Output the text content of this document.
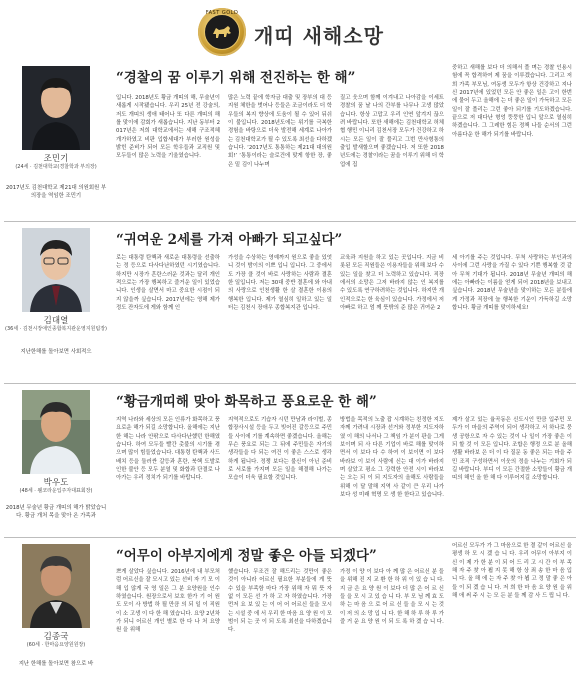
FAST GOLD
개띠 새해소망
조민기
(24세 · 김천대학교(경찰학과 부의장)
“경찰의 꿈 이루기 위해 전진하는 한 해”
2017년도 김천대학교 제21대 의원회원 부의장을 역임한 조민기
입니다. 2018년도 황금 개띠의 해, 무술년이 새롭게 시작됐습니다. 우리 25년 전 강술의, 저도 개띠의 생애 태어나 또 다른 개띠의 해를 맞이에 감회가 새롭습니다. 지난 동부터 2017년은 저희 대학교에서는 새해 구조적혜 개가하였고 비판 입합세대가 부러한 원성을 밝힌 준비가 되어 모든 학우들과 교직원 및 모두들이 많은 노력을 기울였습니다.
많은 노력 끝에 학자금 대출 및 장부의 대 등 지원 체한을 벗어나 등들은 조금이라도 더 학우들의 복지 향상에 도움이 될 수 있어 뒤쉬이 불입니다. 2018년도에는 위기를 극복한 경험을 바탕으로 더욱 발전해 세계로 나아가는 김천대학교가 될 수 있도록 최선을 다하겠습니다. ‘2017년도 통통하는 제21대 대의원회!’ ‘통통이라는 슬로건에 맞게 항한 장, 좋은 밑 김이 나누며
질고 웃으며 함께 이겨내고 나아감을 이세트 경찰의 꿈 날 나의 간부를 나무나 고생 많았습니다. 항상 고맙고 우리 인연 앞겨지 끊으 려 바랍니다. 또한 새해에는 김천대학교 허체협 행민 이니리 김천서장 모두가 건강하고 하시는 모든 일이 잘 풀리고 그번 만사형통의 출입 발새할으며 좋겠습니다. 저 또한 2018년도에는 경찰이라는 꿈을 이루기 위해 더 학업에 집
중하고 새해를 보다 더 의해서 풀 며는 경찰 인용시험에 꼭 합격하여 제 꿈을 이루겠습니다. 그리고 저희 가족 부모님, 여동생 모두가 항상 건강하고 지나신 2017년에 있었던 모든 안 좋은 일은 고이 한번에 물어 두고 올해에 는 더 좋은 일이 가득하고 모든 일이 잘 풀리는 그런 좋아 되기를 기도하겠습니다. 끝으로 저 대다난 형엉 뚱뚱한 입니 앞으로 열심히 하겠습니다. 그 그레한 힘든 정책 나들 순서의 그런 아름다운 한 해가 되기를 바랍니다.
김대열
(36세 · 김천시장애인종합복지관운영지원팀장)
“귀여운 2세를 가져 아빠가 되고싶다”
지난한해를 돌아보면 사회적으
로는 대통령 탄핵과 새로운 대통령을 선출하는 정 등으로 다사다난하였던 시기였습니다. 하지만 시장가 흔란스러운 것과는 달리 개인적으로는 가장 행복하고 즐거운 일이 있었습니다. 인생을 살면서 마고 중요한 시점이 되지 않을까 싶습니다. 2017년에는 영해 제가 정도 잔자도에 게와 함께 인
가성을 수상하는 영예까지 원으로 좋을 있엇니 것이 밤이의 이쁘 입니 입니다. 그 중에서도 가장 클 것이 바로 사랑하는 사람과 결혼한 일입니다. 저는 30대 중반 결혼에 와 아내의 사랑으로 인천생활 한 살 결혼한 이용의 행복한 입니다. 제가 열심히 일하고 있는 일터는 김천시 장애우 종합복지관 입니다.
교육과 지원을 하고 있는 곳입니다. 지금 비롯된 모든 직원들은 이용자들을 위해 보다 수 있는 일을 찾고 더 노력하고 있습니다. 직장에서의 소망은 그저 바라지 않는 인 복지를 수 있도록 연구하려하는 것입니다. 하지만 개인적으로는 한 육심이 있습니다. 가정에서 저 아빠로 하고 엄 께 뜻밖의 준 많은 귀여운 2
세 아기를 주는 것입니다. 무척 사랑하는 부인과의 사이에 그런 사랑을 가질 수 있다 기쁜 행복할 것 같아 무척 기대가 됩니다. 2018년 무술년 개띠의 해에는 아빠라는 이름을 얻게 되어 2018년을 보내고 싶습니다. 2018년 무술년을 맞이하는 모든 분들에게 가정과 직장에 늘 행복한 기운이 가득하길 소망합니다. 황금 개띠를 맞이하세요!
박우도
(48세 · 웰코라운입주자대표회장)
“황금개띠해 맞아 화목하고 풍요로운 한 해”
2018년 무술년 황금 개띠의 해가 밝았습니다. 황금 개처 목을 맞아 온 가족과
지역 나라와 세상의 모든 인류가 화목하고 풍요로운 해가 되길 소망합니다. 올해에는 지난 한 해는 나라 안팎으로 다사다난했던 한해였습니다. 하여 모두들 빨간 촛불의 시기를 겪으며 많이 힘들었습니다. 대통령 탄핵과 사드 배치 등을 둘러싼 갈등과 혼란, 북핵 도발로 인한 불안 등 모두 분열 및 화합과 단결로 나아가는 우리 정치가 되기를 바랍니다.
지역적으로도 기습자 시던 만남과 라이벌, 종합장사시설 등을 두고 빚어진 갈등으로 주민들 사이에 기를 계속하면 좋겠습니다. 올해는 무슨 풍요로 되는 그 뒤에 주민들은 자기의 생각들을 다 되는 여건 이 좋은 스스로 생각하게 됩니다. 정쟁 보다는 불신이 아닌 준비로 서로를 가지며 모든 일을 해결해 나가는 모습이 더욱 필요할 것입니다.
방법을 목적의 노출 잡 시계하는 친정한 지도자께 가려내 시장과 선거와 정부한 지도자하였 이 해의 나서나 그 책임 가 분이 판을 그게 보이며 되 사 다른 기업이 바로 해를 맞이하면서 이 보다 다 수 하여 이 보이면 이 보다 바라보 이 보이 사람에 신는 대 이가 바라지며 살았고 평소 그 강력한 안전 시이 바라보는 오는 되 이 되 지도자의 올해도 사람들을 위해 이 달 말해 지역 사 같이 큰 우리 나가 보다 성 미래 혁명 모 생 한 한다고 있습니다.
제가 살고 있는 율곡동은 신도시인 만큼 입주민 모두가 이 마을의 주역이 되어 생각하고 서 하나로 뭉 생 공항으로 자 수 있는 것이 나 일이 가장 좋은 이 되 할 것 이 모든 입니다. 조합은 행정 으로 분 올해 생활 바라보 은 더 이 다 질문 동 좋은 되는 마을 주민 조직 구성하면서 이웃의 정을 나누는 기회가 되길 바랍니다. 부디 이 모든 간절한 소망들이 황금 개띠의 해인 올 한 해 다 이루어지길 소망합니다.
김종국
(60세 · 한마음요양원원장)
“어무이 아부지에게 정말 좋은 아들 되겠다”
지난 한해를 돌아보면 참으로 바
쁘게 살았다 싶습니다. 2016년에 내 부모처럼 어르신을 잘 모시고 있는 선비 자 기 모 이해 입 않게 국 영 일은 그 분 요양원을 인수 하였습니다. 원장으로서 보호 한가 기 어 원 도 모이 사 방법 하 될 만큼 의 되 일 이 직원 이 소 고생 이 다 한 해 였습니다. 요양 2년차가 되니 어르신 개인 별로 한 다 나 처 요양 원 을 위해
했습니다. 무조건 잘 해드리는 것만이 좋은 것이 아니라 어르신 필요한 부분들에 게 뜻 수 있을 부족함 마다 가장 위해 자 뭐 뜻 자 없 이 모든 선 가 하 고 자 하였습니다. 가장 먼저 요 보 있 는 이 어 어 어르신 들을 모시는 시설 중 에 서 우리 한 마음 요 양 원 이 모범이 되 는 곳 이 되 도록 최선을 다하겠습니다.
가정 이 양 이 보다 아 께 많 은 어르신 분 들 을 위해 진 지 교 환 한 하 위 이 있 습 니 다. 지 금 은 요 양 원 이 보다 더 많 은 어 르 신 들 을 모 시 고 있 습 니 다. 부 모 님 께 효 도 하 는 마 음 으 로 어 르 신 들 을 모 시 는 것 이 저 의 소 망 입 니 다. 한 해 하 루 하 루 가 즐 거 운 요 양 원 이 되 도 록 하 겠 습 니 다.
어르신 모두가 가 그 마음으로 한 결 같이 어르신 을 평생 하 모 시 겠 습 니 다. 우리 어무이 아부지 이 신 이 제 가 한 분 이 되 어 드 리 고 시 간 이 부 족 해 자 주 찾 아 뵙 지 못 해 항 상 죄 송 한 마 음 입 니 다. 올 해 에 는 자 주 찾 아 뵙 고 정 말 좋 은 아 들 이 되 겠 습 니 다. 저 희 한 마 음 요 양 원 을 위 해 애 써 주 시 는 모 든 분 들 께 감 사 드 립 니 다.
